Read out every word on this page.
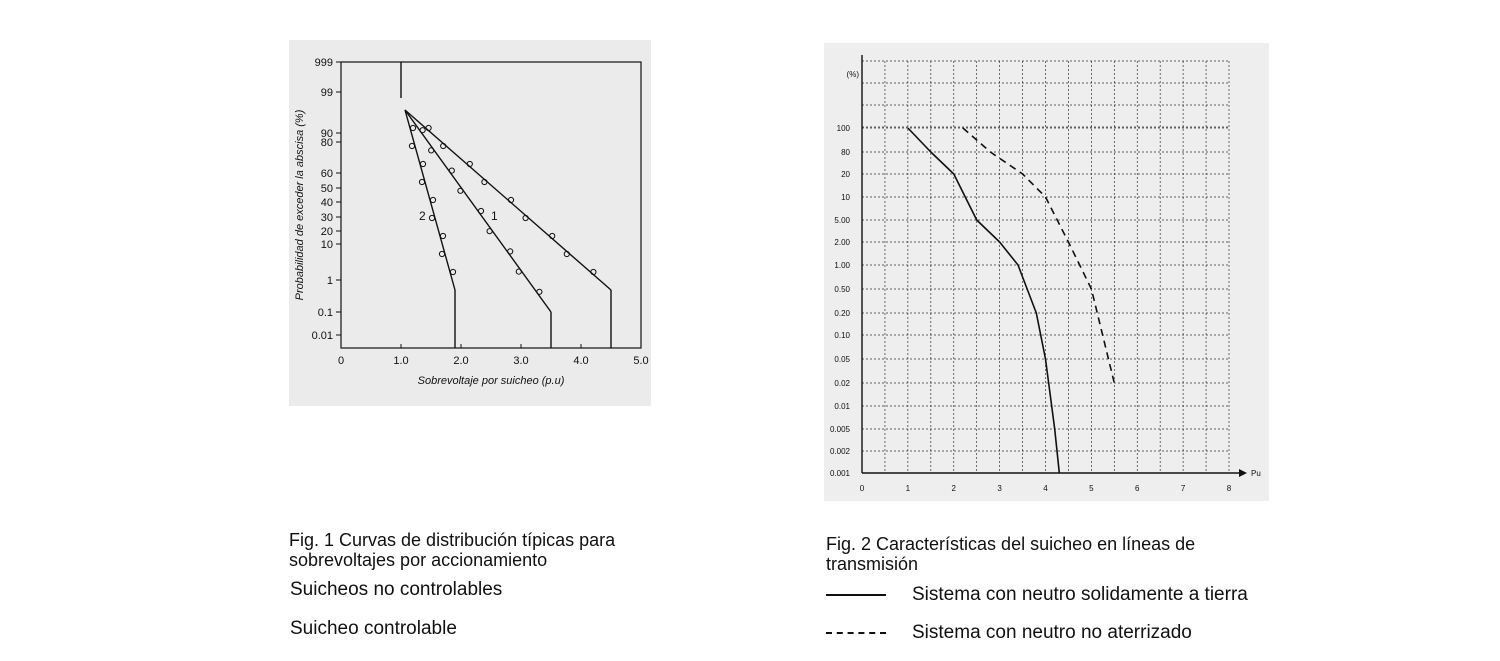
999
99
90
80
60
50
40
30
20
10
1
0.1
0.01
0	1.0	2.0	3.0	4.0	5.0
Sobrevoltaje por suicheo (p.u)
Probabilidad de exceder la abscisa (%)	1
2
(%)
Pu
100
80
20
10
5.00
2.00
1.00
0.50
0.20
0.10
0.05
0.02
0.01
0.005
0.002
0.001
0	1	2	3	4	5	6	7	8
Fig. 1 Curvas de distribución típicas para sobrevoltajes por accionamiento
Suicheos no controlables
Suicheo controlable
Fig. 2 Características del suicheo en líneas de transmisión
Sistema con neutro solidamente a tierra
Sistema con neutro no aterrizado
